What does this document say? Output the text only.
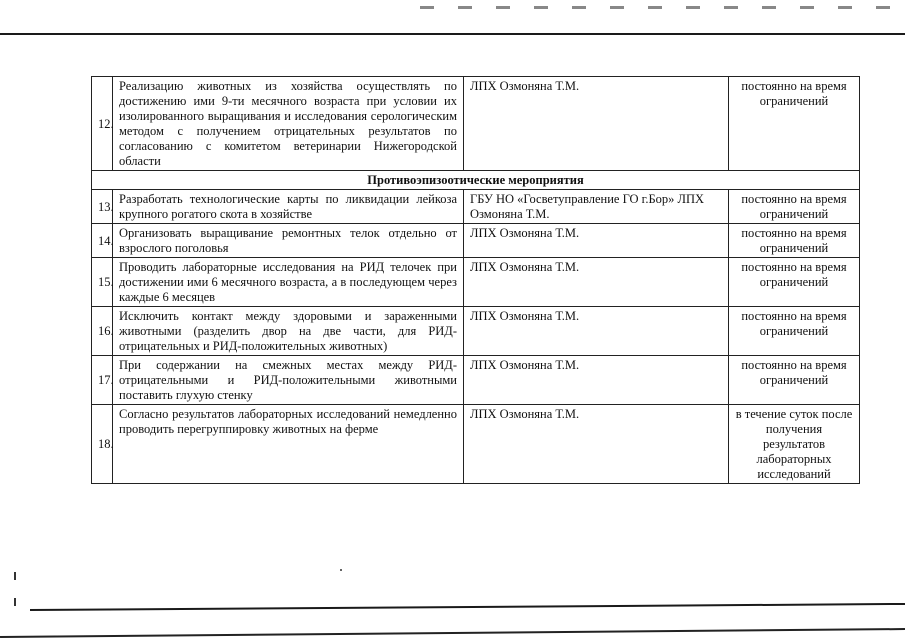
12.	Реализацию животных из хозяйства осуществлять по достижению ими 9-ти месячного возраста при условии их изолированного выращивания и исследования серологическим методом с получением отрицательных результатов по согласованию с комитетом ветеринарии Нижегородской области	ЛПХ Озмоняна Т.М.	постоянно на время ограничений
Противоэпизоотические мероприятия			
13.	Разработать технологические карты по ликвидации лейкоза крупного рогатого скота в хозяйстве	ГБУ НО «Госветуправление ГО г.Бор» ЛПХ Озмоняна Т.М.	постоянно на время ограничений
14.	Организовать выращивание ремонтных телок отдельно от взрослого поголовья	ЛПХ Озмоняна Т.М.	постоянно на время ограничений
15.	Проводить лабораторные исследования на РИД телочек при достижении ими 6 месячного возраста, а в последующем через каждые 6 месяцев	ЛПХ Озмоняна Т.М.	постоянно на время ограничений
16.	Исключить контакт между здоровыми и зараженными животными (разделить двор на две части, для РИД-отрицательных и РИД-положительных животных)	ЛПХ Озмоняна Т.М.	постоянно на время ограничений
17.	При содержании на смежных местах между РИД-отрицательными и РИД-положительными животными поставить глухую стенку	ЛПХ Озмоняна Т.М.	постоянно на время ограничений
18.	Согласно результатов лабораторных исследований немедленно проводить перегруппировку животных на ферме	ЛПХ Озмоняна Т.М.	в течение суток после получения результатов лабораторных исследований
